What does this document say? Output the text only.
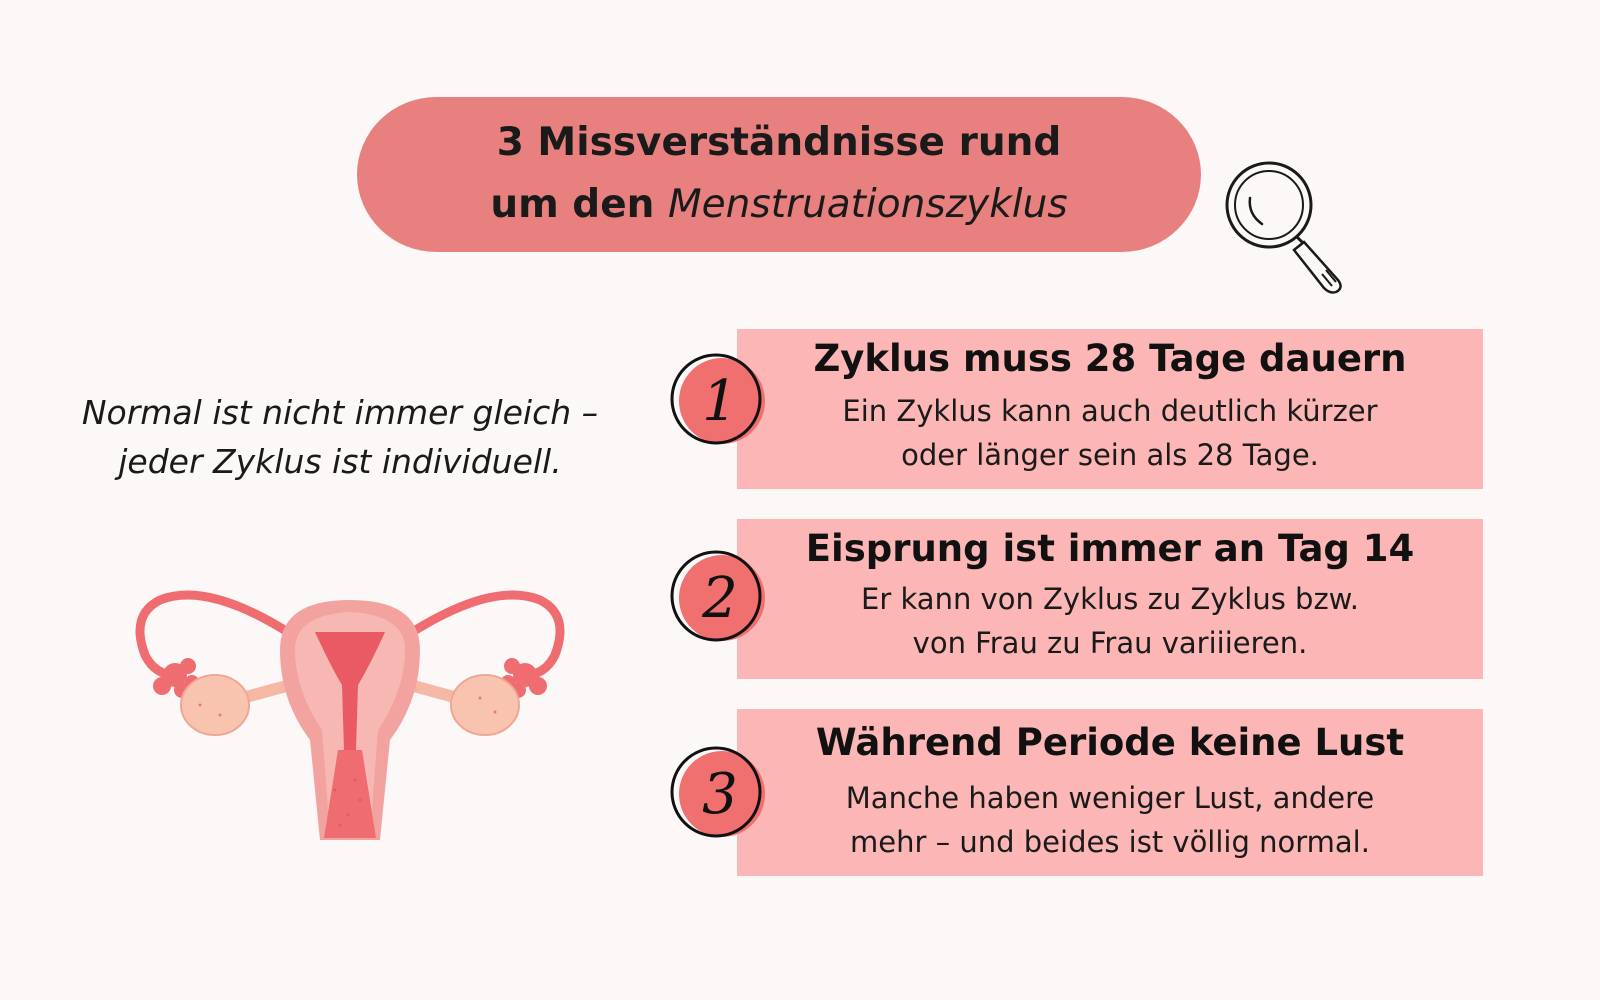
3 Missverständnisse rund
um den Menstruationszyklus
Normal ist nicht immer gleich –
jeder Zyklus ist individuell.
Zyklus muss 28 Tage dauern
Ein Zyklus kann auch deutlich kürzer
oder länger sein als 28 Tage.
1
Eisprung ist immer an Tag 14
Er kann von Zyklus zu Zyklus bzw.
von Frau zu Frau variiieren.
2
Während Periode keine Lust
Manche haben weniger Lust, andere
mehr – und beides ist völlig normal.
3
